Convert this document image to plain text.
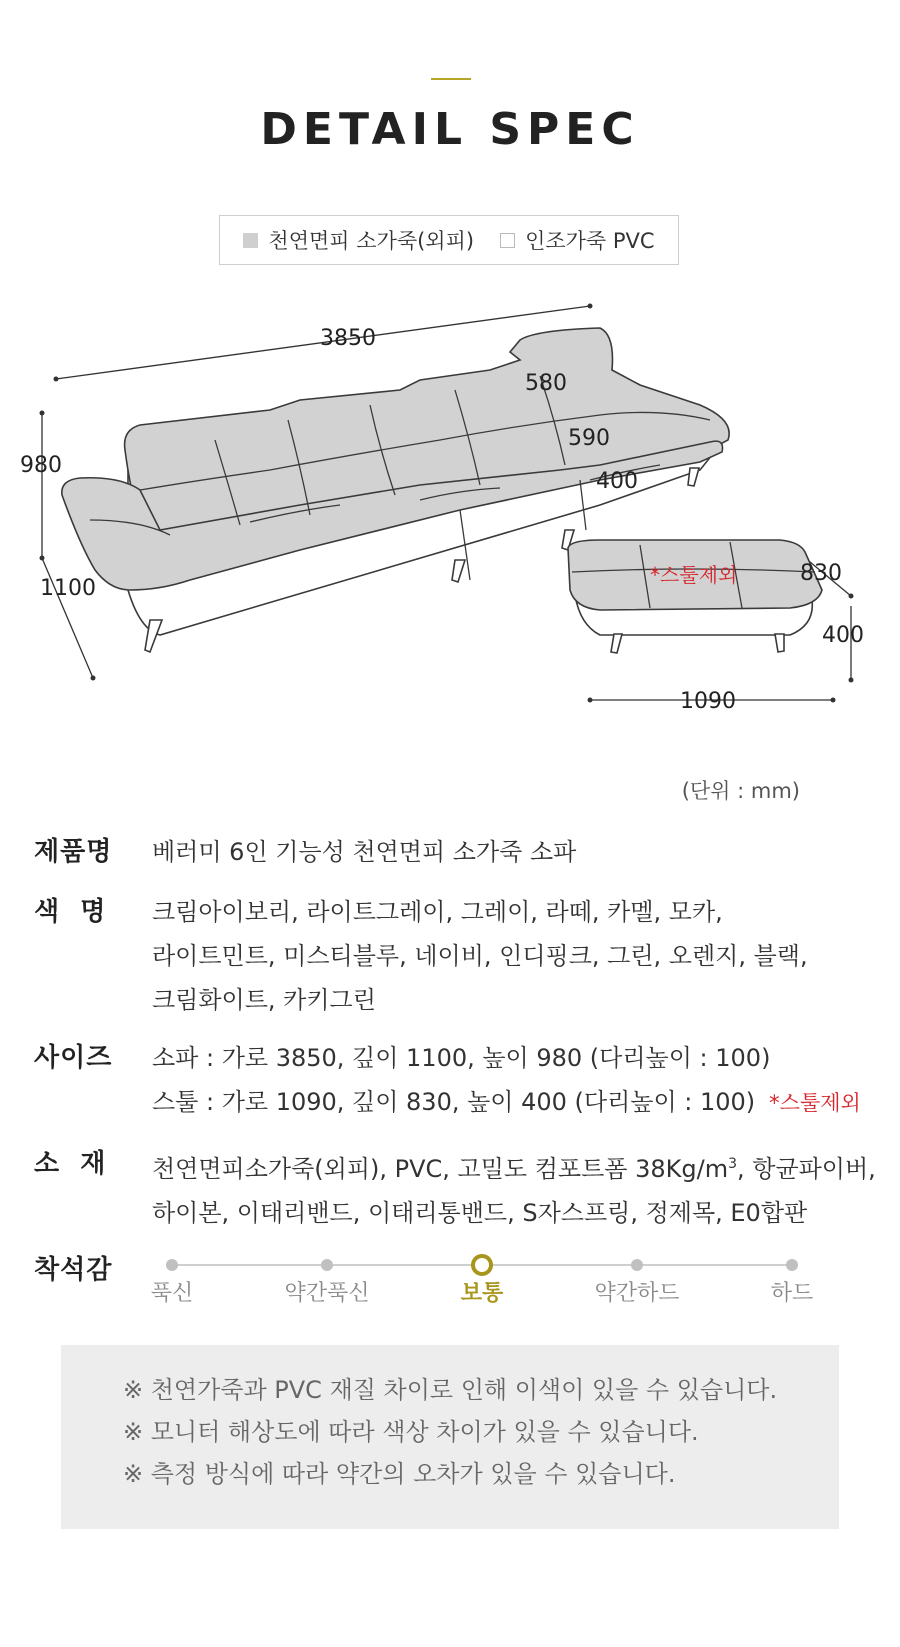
DETAIL SPEC
천연면피 소가죽(외피) 인조가죽 PVC
3850
980
1100
580
590
400
830
400
1090
*스툴제외
(단위 : mm)
제품명	베러미 6인 기능성 천연면피 소가죽 소파
색  명	크림아이보리, 라이트그레이, 그레이, 라떼, 카멜, 모카,
라이트민트, 미스티블루, 네이비, 인디핑크, 그린, 오렌지, 블랙,
크림화이트, 카키그린
사이즈	소파 : 가로 3850, 깊이 1100, 높이 980 (다리높이 : 100)
스툴 : 가로 1090, 깊이 830, 높이 400 (다리높이 : 100) *스툴제외
소  재	천연면피소가죽(외피), PVC, 고밀도 컴포트폼 $38Kg/m^3$, 항균파이버,
하이본, 이태리밴드, 이태리통밴드, S자스프링, 정제목, E0합판
착석감
푹신	약간푹신	보통	약간하드	하드
※ 천연가죽과 PVC 재질 차이로 인해 이색이 있을 수 있습니다.
※ 모니터 해상도에 따라 색상 차이가 있을 수 있습니다.
※ 측정 방식에 따라 약간의 오차가 있을 수 있습니다.
